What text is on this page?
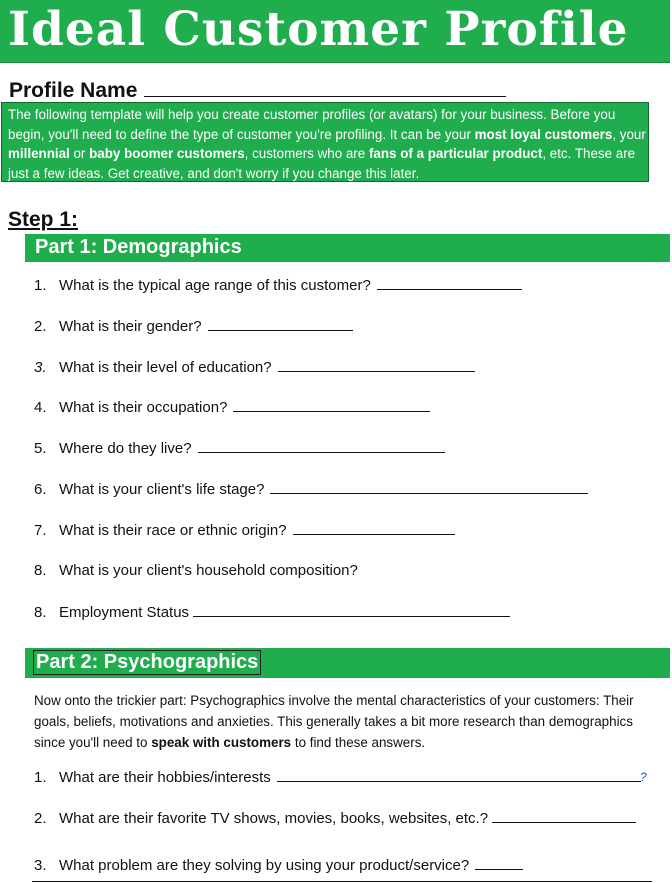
Ideal Customer Profile
Profile Name
The following template will help you create customer profiles (or avatars) for your business. Before you begin, you'll need to define the type of customer you're profiling. It can be your most loyal customers, your millennial or baby boomer customers, customers who are fans of a particular product, etc. These are just a few ideas. Get creative, and don't worry if you change this later.
Step 1:
Part 1: Demographics
1. What is the typical age range of this customer?
2. What is their gender?
3. What is their level of education?
4. What is their occupation?
5. Where do they live?
6. What is your client's life stage?
7. What is their race or ethnic origin?
8. What is your client's household composition?
8. Employment Status
Part 2: Psychographics
Now onto the trickier part: Psychographics involve the mental characteristics of your customers: Their goals, beliefs, motivations and anxieties. This generally takes a bit more research than demographics since you'll need to speak with customers to find these answers.
1. What are their hobbies/interests	?
2. What are their favorite TV shows, movies, books, websites, etc.?
3. What problem are they solving by using your product/service?
